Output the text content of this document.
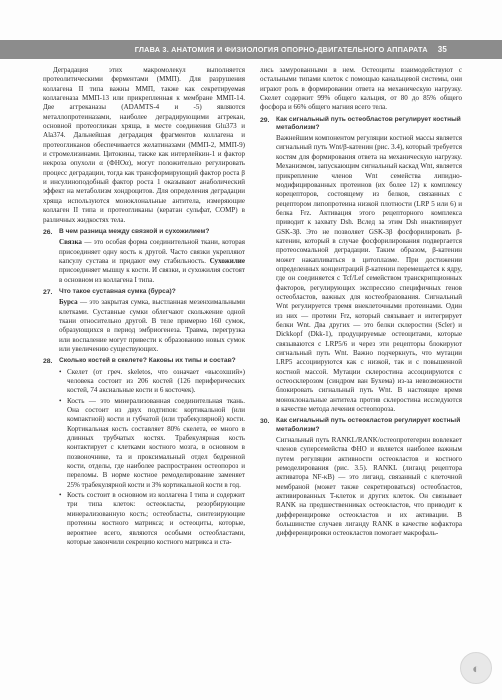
ГЛАВА 3. АНАТОМИЯ И ФИЗИОЛОГИЯ ОПОРНО-ДВИГАТЕЛЬНОГО АППАРАТА 35

Деградация этих макромолекул выполняется протеолитическими ферментами (ММП). Для разрушения коллагена II типа важны ММП, также как секретируемая коллагеназа ММП-13 или прикрепленная к мембране ММП-14. Две аггреканазы (ADAMTS-4 и -5) являются металлопротеиназами, наиболее деградирующими аггрекан, основной протеогликан хряща, в месте соединения Glu373 и Ala374. Дальнейшая деградация фрагментов коллагена и протеогликанов обеспечивается желатиназами (ММП-2, ММП-9) и стромелизинами. Цитокины, также как интерлейкин-1 и фактор некроза опухоли α (ФНОα), могут положительно регулировать процесс деградации, тогда как трансформирующий фактор роста β и инсулиноподобный фактор роста 1 оказывают анаболический эффект на метаболизм хондроцитов. Для определения деградации хряща используются моноклональные антитела, измеряющие коллаген II типа и протеогликаны (кератан сульфат, COMP) в различных жидкостях тела.

26. В чем разница между связкой и сухожилием?

Связка — это особая форма соединительной ткани, которая присоединяет одну кость к другой. Часто связки укрепляют капсулу сустава и придают ему стабильность. Сухожилие присоединяет мышцу к кости. И связки, и сухожилия состоят в основном из коллагена I типа.

27. Что такое суставная сумка (бурса)?

Бурса — это закрытая сумка, выстланная мезенхимальными клетками. Суставные сумки облегчают скольжение одной ткани относительно другой. В теле примерно 160 сумок, образующихся в период эмбриогенеза. Травма, перегрузка или воспаление могут привести к образованию новых сумок или увеличению существующих.

28. Сколько костей в скелете? Каковы их типы и состав?
• Скелет (от греч. skeletos, что означает «высохший») человека состоит из 206 костей (126 периферических костей, 74 аксиальные кости и 6 косточек).
• Кость — это минерализованная соединительная ткань. Она состоит из двух подтипов: кортикальной (или компактной) кости и губчатой (или трабекулярной) кости. Кортикальная кость составляет 80% скелета, ее много в длинных трубчатых костях. Трабекулярная кость контактирует с клетками костного мозга, в основном в позвоночнике, та и проксимальный отдел бедренной кости, отделы, где наиболее распространен остеопороз и переломы. В норме костное ремоделирование заменяет 25% трабекулярной кости и 3% кортикальной кости в год.
• Кость состоит в основном из коллагена I типа и содержит три типа клеток: остеокласты, резорбирующие минерализованную кость; остеобласты, синтезирующие протеины костного матрикса; и остеоциты, которые, вероятнее всего, являются особыми остеобластами, которые закончили секрецию костного матрикса и ста-

лись замурованными в нем. Остеоциты взаимодействуют с остальными типами клеток с помощью канальцевой системы, они играют роль в формировании ответа на механическую нагрузку. Скелет содержит 99% общего кальция, от 80 до 85% общего фосфора и 66% общего магния всего тела.

29. Как сигнальный путь остеобластов регулирует костный метаболизм?

Важнейшим компонентом регуляции костной массы является сигнальный путь Wnt/β-катенин (рис. 3.4), который требуется костям для формирования ответа на механическую нагрузку. Механизмом, запускающим сигнальный каскад Wnt, является прикрепление членов Wnt семейства липидно-модифицированных протеинов (их более 12) к комплексу корецепторов, состоящему из белков, связанных с рецептором липопротеина низкой плотности (LRP 5 или 6) и белка Frz. Активация этого рецепторного комплекса приводит к захвату Dsh. Вслед за этим Dsh инактивирует GSK-3β. Это не позволяет GSK-3β фосфорилировать β-катенин, который в случае фосфорилирования подвергается протеосомальной деградации. Таким образом, β-катенин может накапливаться в цитоплазме. При достижении определенных концентраций β-катенин перемещается к ядру, где он соединяется с Tcf/Lef семейством транскрипционных факторов, регулирующих экспрессию специфичных генов остеобластов, важных для костеобразования. Сигнальный Wnt регулируется тремя внеклеточными протеинами. Один из них — протеин Frz, который связывает и интегрирует белки Wnt. Два других — это белки склеростин (Sclеr) и Dickkopf (Dkk-1), продуцируемые остеоцитами, которые связываются с LRP5/6 и через эти рецепторы блокируют сигнальный путь Wnt. Важно подчеркнуть, что мутации LRP5 ассоциируются как с низкой, так и с повышенной костной массой. Мутации склеростина ассоциируются с остеосклерозом (синдром ван Бухема) из-за невозможности блокировать сигнальный путь Wnt. В настоящее время моноклональные антитела против склеростина исследуются в качестве метода лечения остеопороза.

30. Как сигнальный путь остеокластов регулирует костный метаболизм?

Сигнальный путь RANKL/RANK/остеопротегерин вовлекает членов суперсемейства ФНО и является наиболее важным путем регуляции активности остеокластов и костного ремоделирования (рис. 3.5). RANKL (лиганд рецептора активатора NF-κB) — это лиганд, связанный с клеточной мембраной (может также секретироваться) остеобластов, активированных T-клеток и других клеток. Он связывает RANK на предшественниках остеокластов, что приводит к дифференцировке остеокластов и их активации. В большинстве случаев лиганду RANK в качестве кофактора дифференцировки остеокластов помогает макрофаль-

◐
